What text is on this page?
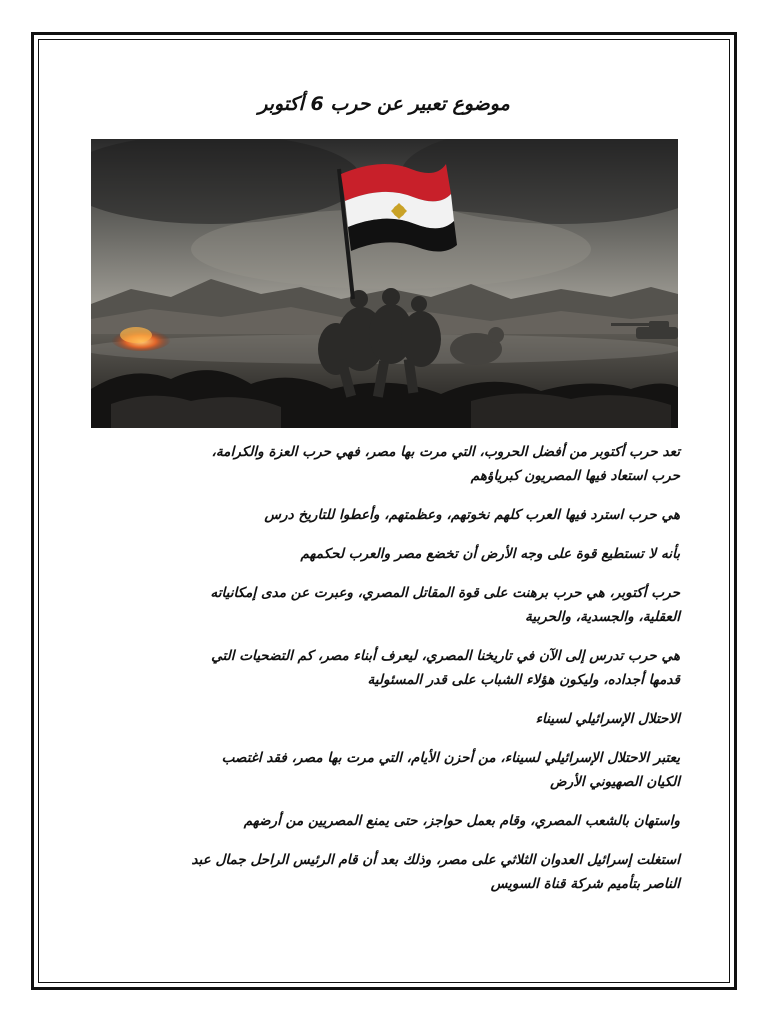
موضوع تعبير عن حرب 6 أكتوبر

تعد حرب أكتوبر من أفضل الحروب، التي مرت بها مصر، فهي حرب العزة والكرامة،
حرب استعاد فيها المصريون كبرياؤهم

هي حرب استرد فيها العرب كلهم نخوتهم، وعظمتهم، وأعطوا للتاريخ درس

بأنه لا تستطيع قوة على وجه الأرض أن تخضع مصر والعرب لحكمهم

حرب أكتوبر، هي حرب برهنت على قوة المقاتل المصري، وعبرت عن مدى إمكانياته
العقلية، والجسدية، والحربية

هي حرب تدرس إلى الآن في تاريخنا المصري، ليعرف أبناء مصر، كم التضحيات التي
قدمها أجداده، وليكون هؤلاء الشباب على قدر المسئولية

الاحتلال الإسرائيلي لسيناء

يعتبر الاحتلال الإسرائيلي لسيناء، من أحزن الأيام، التي مرت بها مصر، فقد اغتصب
الكيان الصهيوني الأرض

واستهان بالشعب المصري، وقام بعمل حواجز، حتى يمنع المصريين من أرضهم

استغلت إسرائيل العدوان الثلاثي على مصر، وذلك بعد أن قام الرئيس الراحل جمال عبد
الناصر بتأميم شركة قناة السويس
